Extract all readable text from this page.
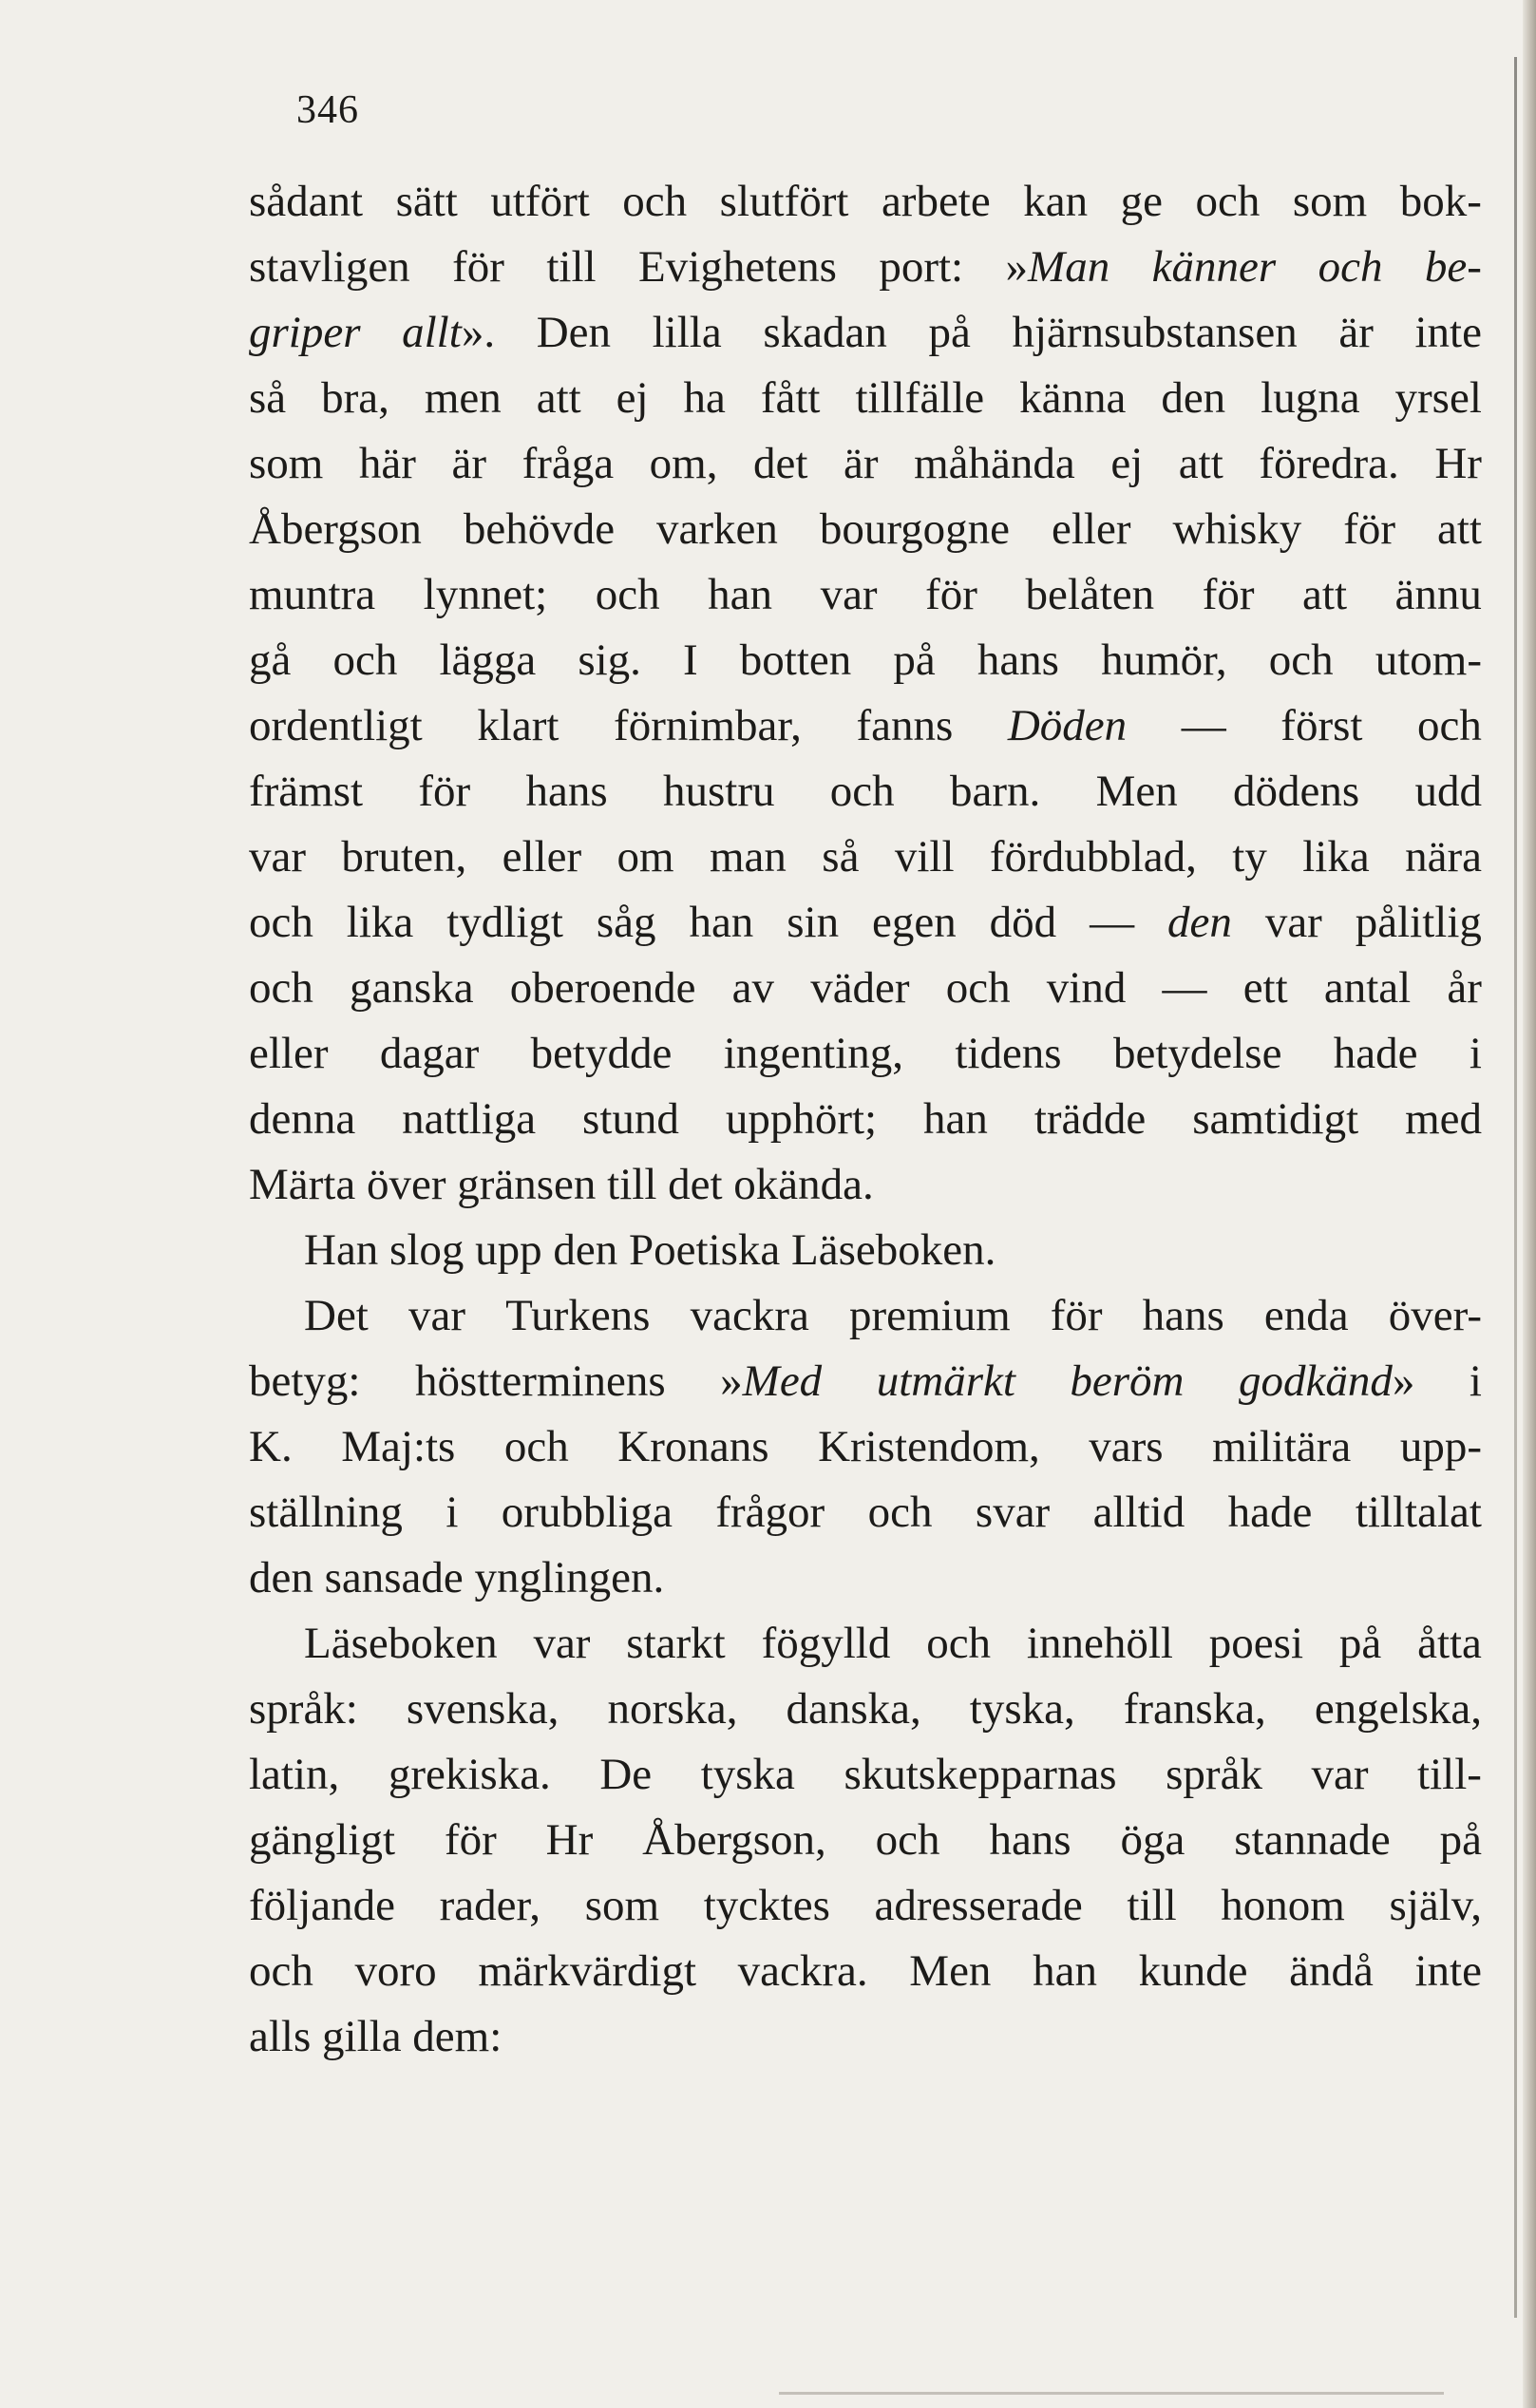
346
sådant sätt utfört och slutfört arbete kan ge och som bok-
stavligen för till Evighetens port: »Man känner och be-
griper allt». Den lilla skadan på hjärnsubstansen är inte
så bra, men att ej ha fått tillfälle känna den lugna yrsel
som här är fråga om, det är måhända ej att föredra. Hr
Åbergson behövde varken bourgogne eller whisky för att
muntra lynnet; och han var för belåten för att ännu
gå och lägga sig. I botten på hans humör, och utom-
ordentligt klart förnimbar, fanns Döden — först och
främst för hans hustru och barn. Men dödens udd
var bruten, eller om man så vill fördubblad, ty lika nära
och lika tydligt såg han sin egen död — den var pålitlig
och ganska oberoende av väder och vind — ett antal år
eller dagar betydde ingenting, tidens betydelse hade i
denna nattliga stund upphört; han trädde samtidigt med
Märta över gränsen till det okända.
Han slog upp den Poetiska Läseboken.
Det var Turkens vackra premium för hans enda över-
betyg: höstterminens »Med utmärkt beröm godkänd» i
K. Maj:ts och Kronans Kristendom, vars militära upp-
ställning i orubbliga frågor och svar alltid hade tilltalat
den sansade ynglingen.
Läseboken var starkt fögylld och innehöll poesi på åtta
språk: svenska, norska, danska, tyska, franska, engelska,
latin, grekiska. De tyska skutskepparnas språk var till-
gängligt för Hr Åbergson, och hans öga stannade på
följande rader, som tycktes adresserade till honom själv,
och voro märkvärdigt vackra. Men han kunde ändå inte
alls gilla dem:
